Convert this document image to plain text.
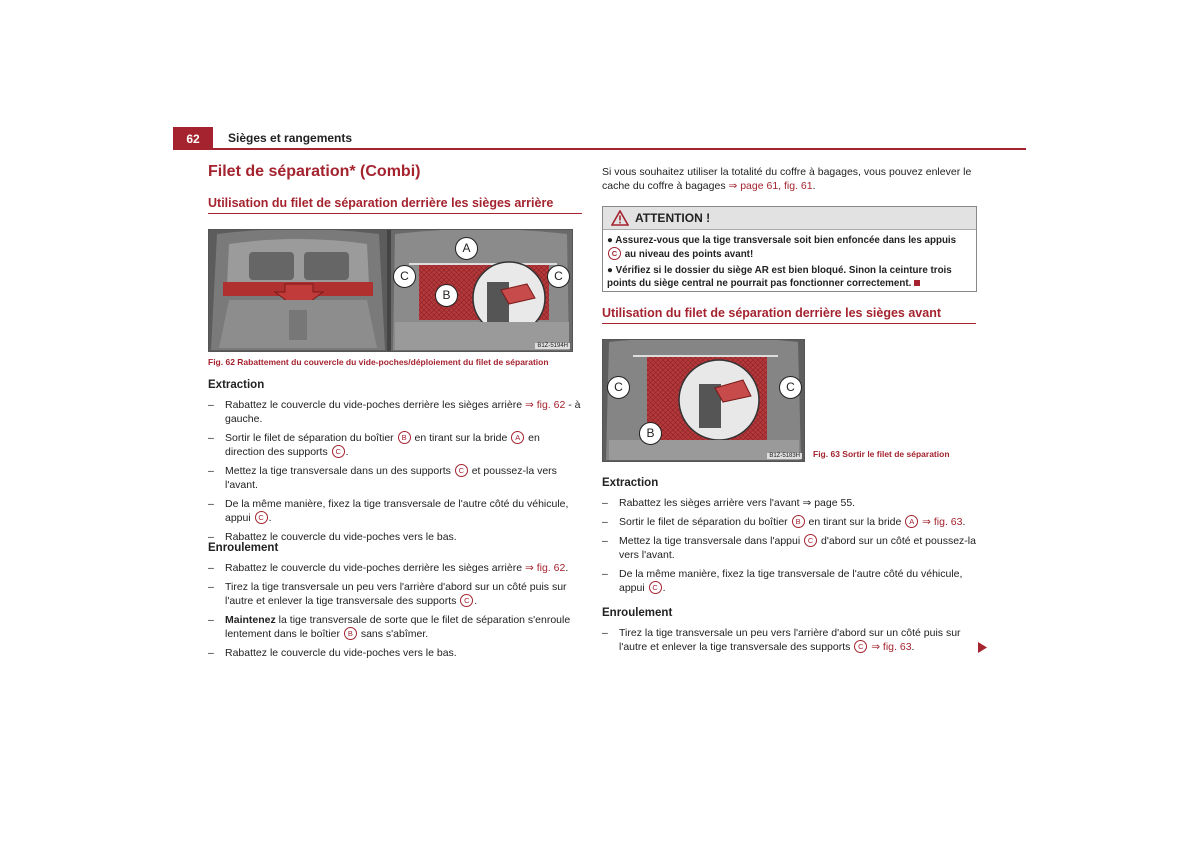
62	Sièges et rangements
Filet de séparation* (Combi)
Utilisation du filet de séparation derrière les sièges arrière
A
B
C	C
B1Z-5194H
Fig. 62 Rabattement du couvercle du vide-poches/déploiement du filet de séparation
Extraction
– Rabattez le couvercle du vide-poches derrière les sièges arrière ⇒ fig. 62 - à gauche.
– Sortir le filet de séparation du boîtier B en tirant sur la bride A en direction des supports C .
– Mettez la tige transversale dans un des supports C et poussez-la vers l'avant.
– De la même manière, fixez la tige transversale de l'autre côté du véhicule, appui C .
– Rabattez le couvercle du vide-poches vers le bas.
Enroulement
– Rabattez le couvercle du vide-poches derrière les sièges arrière ⇒ fig. 62.
– Tirez la tige transversale un peu vers l'arrière d'abord sur un côté puis sur l'autre et enlever la tige transversale des supports C .
– Maintenez la tige transversale de sorte que le filet de séparation s'enroule lentement dans le boîtier B sans s'abîmer.
– Rabattez le couvercle du vide-poches vers le bas.
Si vous souhaitez utiliser la totalité du coffre à bagages, vous pouvez enlever le cache du coffre à bagages ⇒ page 61, fig. 61.
ATTENTION !

● Assurez-vous que la tige transversale soit bien enfoncée dans les appuis C au niveau des points avant!

● Vérifiez si le dossier du siège AR est bien bloqué. Sinon la ceinture trois points du siège central ne pourrait pas fonctionner correctement.

Utilisation du filet de séparation derrière les sièges avant
C	C
B
B1Z-5183H Fig. 63 Sortir le filet de séparation
Extraction
– Rabattez les sièges arrière vers l'avant ⇒ page 55.
– Sortir le filet de séparation du boîtier B en tirant sur la bride A ⇒ fig. 63.
– Mettez la tige transversale dans l'appui C d'abord sur un côté et poussez-la vers l'avant.
– De la même manière, fixez la tige transversale de l'autre côté du véhicule, appui C .
Enroulement
– Tirez la tige transversale un peu vers l'arrière d'abord sur un côté puis sur l'autre et enlever la tige transversale des supports C ⇒ fig. 63.
